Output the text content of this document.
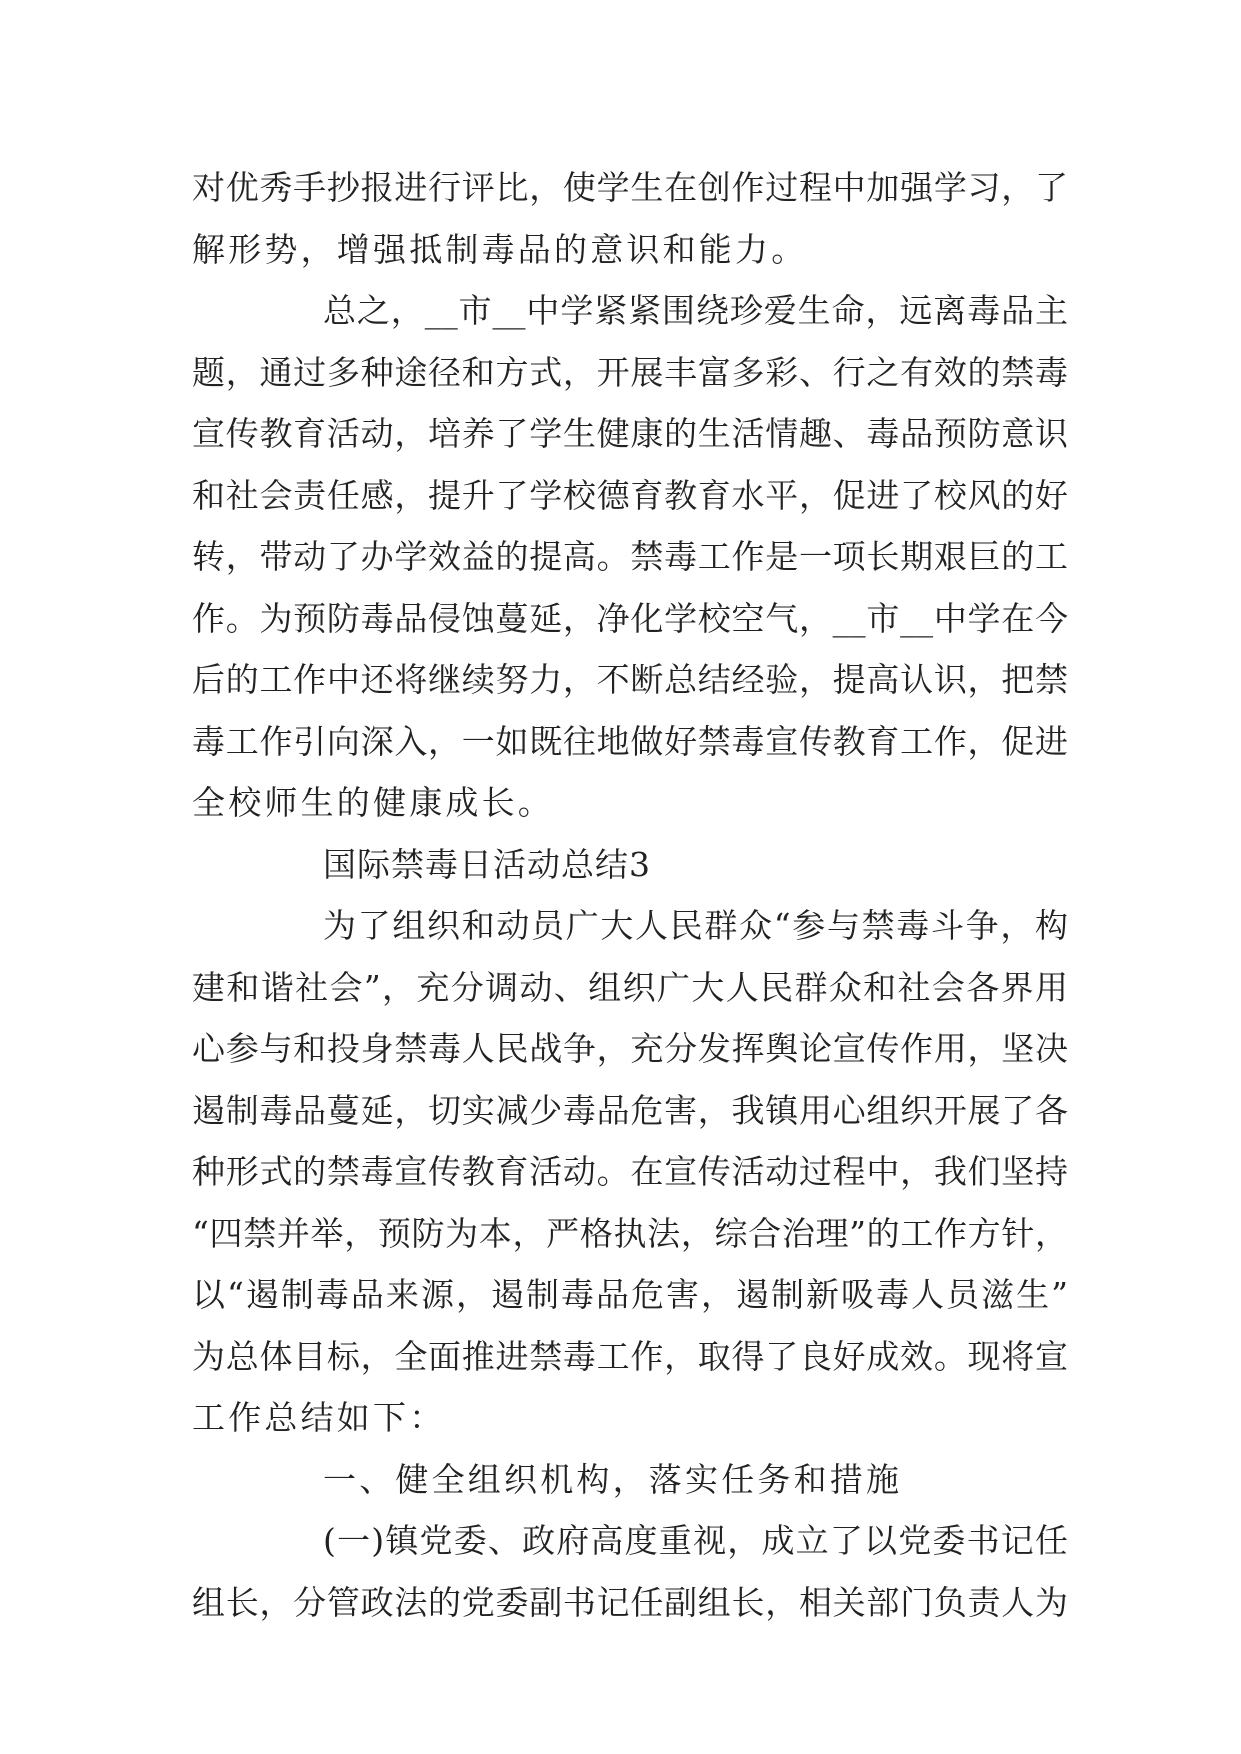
对优秀手抄报进行评比，使学生在创作过程中加强学习，了
解形势，增强抵制毒品的意识和能力。
总之，__市__中学紧紧围绕珍爱生命，远离毒品主
题，通过多种途径和方式，开展丰富多彩、行之有效的禁毒
宣传教育活动，培养了学生健康的生活情趣、毒品预防意识
和社会责任感，提升了学校德育教育水平，促进了校风的好
转，带动了办学效益的提高。禁毒工作是一项长期艰巨的工
作。为预防毒品侵蚀蔓延，净化学校空气，__市__中学在今
后的工作中还将继续努力，不断总结经验，提高认识，把禁
毒工作引向深入，一如既往地做好禁毒宣传教育工作，促进
全校师生的健康成长。
国际禁毒日活动总结3
为了组织和动员广大人民群众“参与禁毒斗争，构
建和谐社会”，充分调动、组织广大人民群众和社会各界用
心参与和投身禁毒人民战争，充分发挥舆论宣传作用，坚决
遏制毒品蔓延，切实减少毒品危害，我镇用心组织开展了各
种形式的禁毒宣传教育活动。在宣传活动过程中，我们坚持
“四禁并举，预防为本，严格执法，综合治理”的工作方针，
以“遏制毒品来源，遏制毒品危害，遏制新吸毒人员滋生”
为总体目标，全面推进禁毒工作，取得了良好成效。现将宣
工作总结如下：
一、健全组织机构，落实任务和措施
(一)镇党委、政府高度重视，成立了以党委书记任
组长，分管政法的党委副书记任副组长，相关部门负责人为
